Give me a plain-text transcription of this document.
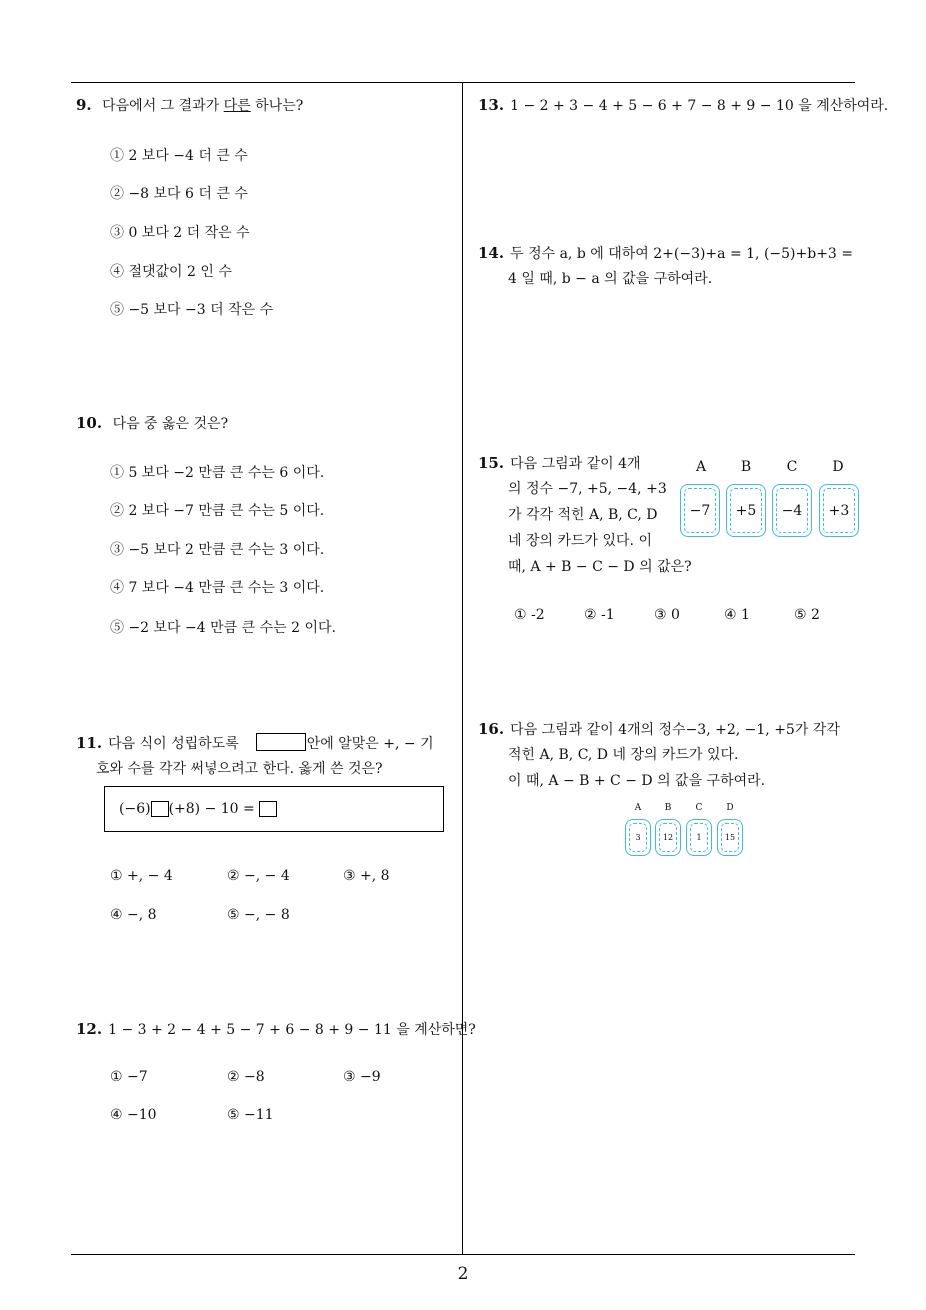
2
9. 다음에서 그 결과가 다른 하나는?
① 2 보다 −4 더 큰 수
② −8 보다 6 더 큰 수
③ 0 보다 2 더 작은 수
④ 절댓값이 2 인 수
⑤ −5 보다 −3 더 작은 수
10. 다음 중 옳은 것은?
① 5 보다 −2 만큼 큰 수는 6 이다.
② 2 보다 −7 만큼 큰 수는 5 이다.
③ −5 보다 2 만큼 큰 수는 3 이다.
④ 7 보다 −4 만큼 큰 수는 3 이다.
⑤ −2 보다 −4 만큼 큰 수는 2 이다.
11. 다음 식이 성립하도록	안에 알맞은 +, − 기
호와 수를 각각 써넣으려고 한다. 옳게 쓴 것은?
(−6) (+8) − 10 =
① +, − 4	② −, − 4	③ +, 8
④ −, 8	⑤ −, − 8
12. 1 − 3 + 2 − 4 + 5 − 7 + 6 − 8 + 9 − 11 을 계산하면?
① −7	② −8	③ −9
④ −10	⑤ −11
13. 1 − 2 + 3 − 4 + 5 − 6 + 7 − 8 + 9 − 10 을 계산하여라.
14. 두 정수 a, b 에 대하여 2+(−3)+a = 1, (−5)+b+3 =
4 일 때, b − a 의 값을 구하여라.
15. 다음 그림과 같이 4개
의 정수 −7, +5, −4, +3
가 각각 적힌 A, B, C, D
네 장의 카드가 있다. 이
때, A + B − C − D 의 값은?
A	B	C	D
−7	+5	−4	+3
① -2	② -1	③ 0	④ 1	⑤ 2
16. 다음 그림과 같이 4개의 정수−3, +2, −1, +5가 각각
적힌 A, B, C, D 네 장의 카드가 있다.
이 때, A − B + C − D 의 값을 구하여라.
A	B	C	D
3	12	1	15
